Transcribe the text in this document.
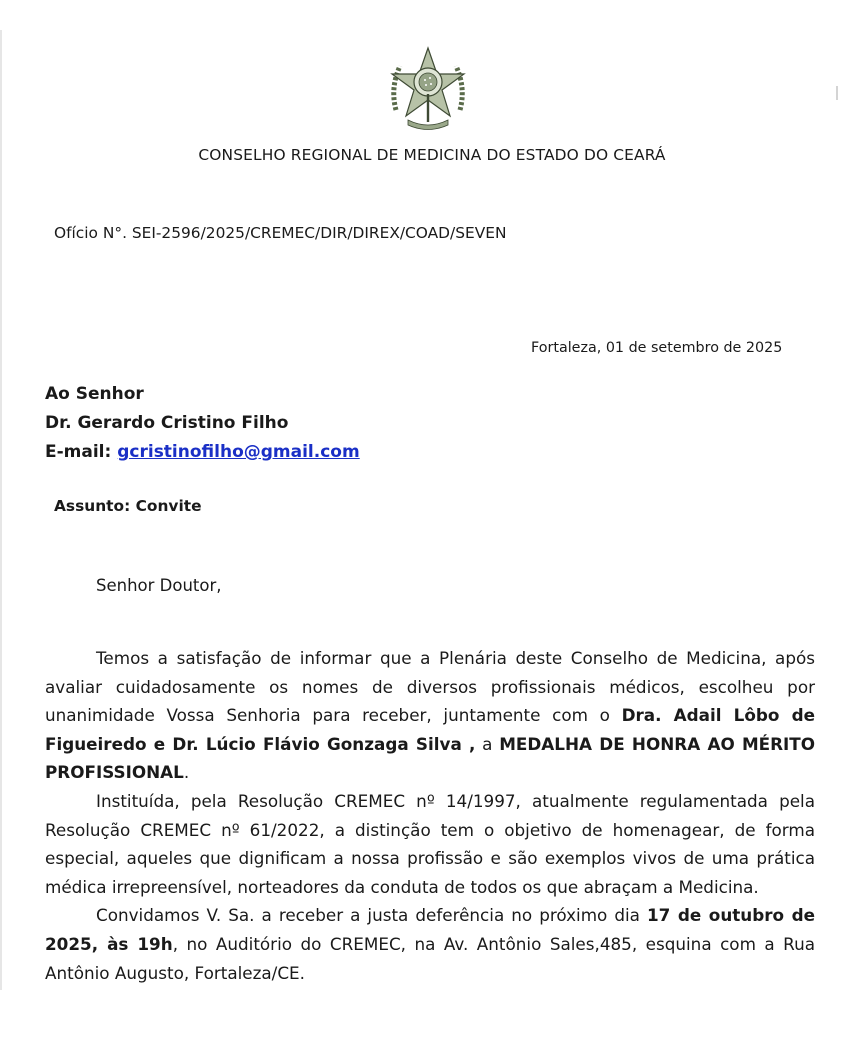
CONSELHO REGIONAL DE MEDICINA DO ESTADO DO CEARÁ
Ofício N°. SEI-2596/2025/CREMEC/DIR/DIREX/COAD/SEVEN
Fortaleza, 01 de setembro de 2025
Ao Senhor
Dr. Gerardo Cristino Filho
E-mail: gcristinofilho@gmail.com
Assunto: Convite
Senhor Doutor,

Temos a satisfação de informar que a Plenária deste Conselho de Medicina, após avaliar cuidadosamente os nomes de diversos profissionais médicos, escolheu por unanimidade Vossa Senhoria para receber, juntamente com o Dra. Adail Lôbo de Figueiredo e Dr. Lúcio Flávio Gonzaga Silva , a MEDALHA DE HONRA AO MÉRITO PROFISSIONAL.

Instituída, pela Resolução CREMEC nº 14/1997, atualmente regulamentada pela Resolução CREMEC nº 61/2022, a distinção tem o objetivo de homenagear, de forma especial, aqueles que dignificam a nossa profissão e são exemplos vivos de uma prática médica irrepreensível, norteadores da conduta de todos os que abraçam a Medicina.

Convidamos V. Sa. a receber a justa deferência no próximo dia 17 de outubro de 2025, às 19h, no Auditório do CREMEC, na Av. Antônio Sales,485, esquina com a Rua Antônio Augusto, Fortaleza/CE.
